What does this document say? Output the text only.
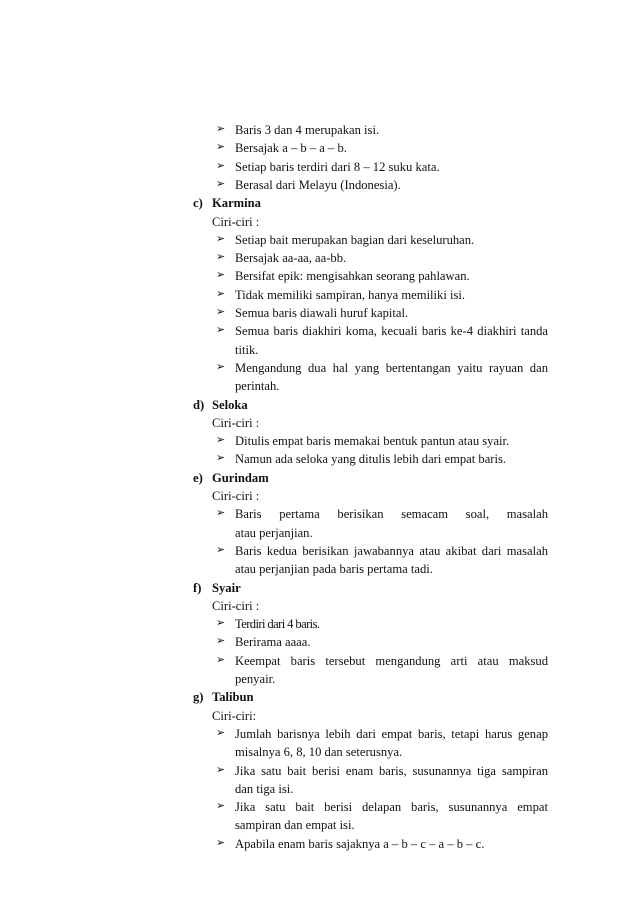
➢ Baris 3 dan 4 merupakan isi.
➢ Bersajak a – b – a – b.
➢ Setiap baris terdiri dari 8 – 12 suku kata.
➢ Berasal dari Melayu (Indonesia).
c) Karmina
Ciri-ciri :
➢ Setiap bait merupakan bagian dari keseluruhan.
➢ Bersajak aa-aa, aa-bb.
➢ Bersifat epik: mengisahkan seorang pahlawan.
➢ Tidak memiliki sampiran, hanya memiliki isi.
➢ Semua baris diawali huruf kapital.
➢ Semua baris diakhiri koma, kecuali baris ke-4 diakhiri tanda
titik.
➢ Mengandung dua hal yang bertentangan yaitu rayuan dan
perintah.
d) Seloka
Ciri-ciri :
➢ Ditulis empat baris memakai bentuk pantun atau syair.
➢ Namun ada seloka yang ditulis lebih dari empat baris.
e) Gurindam
Ciri-ciri :
➢ Baris pertama berisikan semacam soal, masalah
atau perjanjian.
➢ Baris kedua berisikan jawabannya atau akibat dari masalah
atau perjanjian pada baris pertama tadi.
f) Syair
Ciri-ciri :
➢ Terdiri dari 4 baris.
➢ Berirama aaaa.
➢ Keempat baris tersebut mengandung arti atau maksud
penyair.
g) Talibun
Ciri-ciri:
➢ Jumlah barisnya lebih dari empat baris, tetapi harus genap
misalnya 6, 8, 10 dan seterusnya.
➢ Jika satu bait berisi enam baris, susunannya tiga sampiran
dan tiga isi.
➢ Jika satu bait berisi delapan baris, susunannya empat
sampiran dan empat isi.
➢ Apabila enam baris sajaknya a – b – c – a – b – c.
